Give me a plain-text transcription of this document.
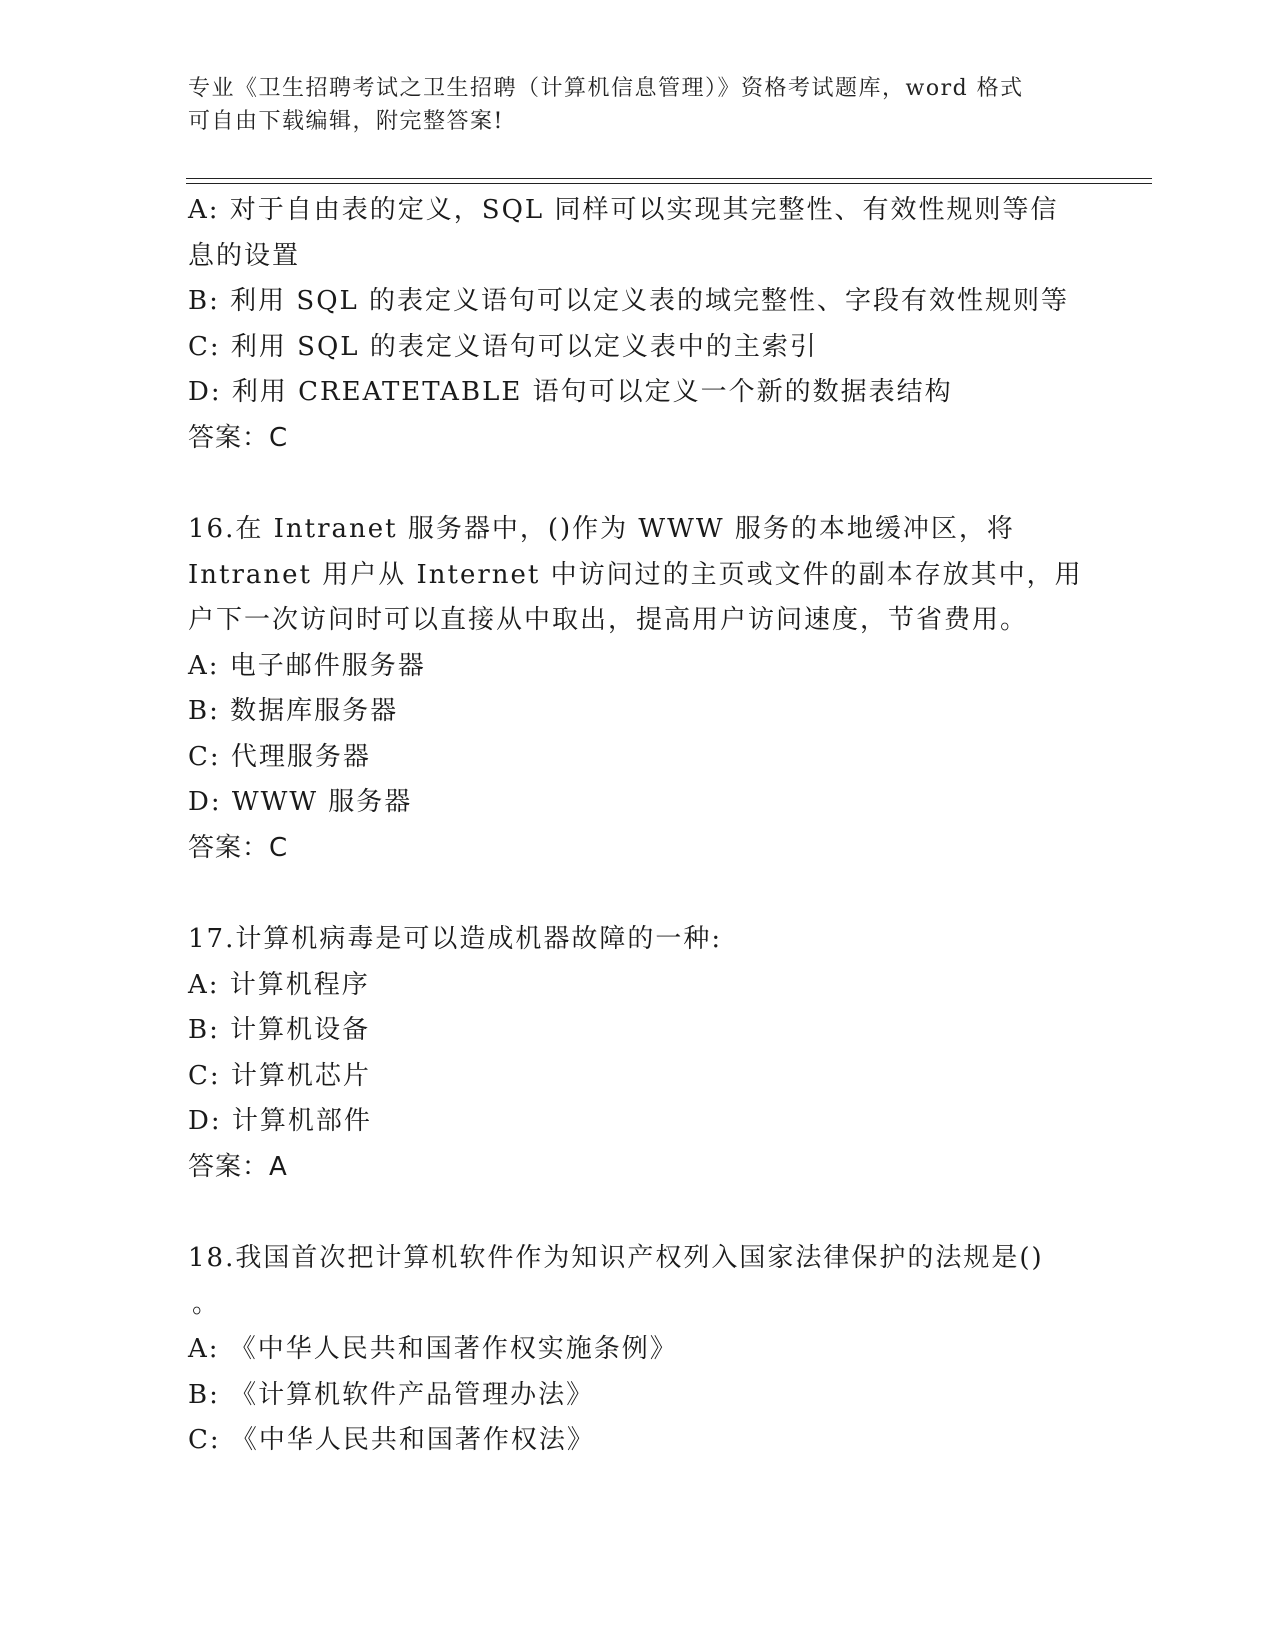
专业《卫生招聘考试之卫生招聘（计算机信息管理）》资格考试题库，word 格式
可自由下载编辑，附完整答案!
A: 对于自由表的定义，SQL 同样可以实现其完整性、有效性规则等信
息的设置
B: 利用 SQL 的表定义语句可以定义表的域完整性、字段有效性规则等
C: 利用 SQL 的表定义语句可以定义表中的主索引
D: 利用 CREATETABLE 语句可以定义一个新的数据表结构
答案：C
16.在 Intranet 服务器中，()作为 WWW 服务的本地缓冲区，将
Intranet 用户从 Internet 中访问过的主页或文件的副本存放其中，用
户下一次访问时可以直接从中取出，提高用户访问速度，节省费用。
A: 电子邮件服务器
B: 数据库服务器
C: 代理服务器
D: WWW 服务器
答案：C
17.计算机病毒是可以造成机器故障的一种:
A: 计算机程序
B: 计算机设备
C: 计算机芯片
D: 计算机部件
答案：A
18.我国首次把计算机软件作为知识产权列入国家法律保护的法规是()
。
A: 《中华人民共和国著作权实施条例》
B: 《计算机软件产品管理办法》
C: 《中华人民共和国著作权法》
